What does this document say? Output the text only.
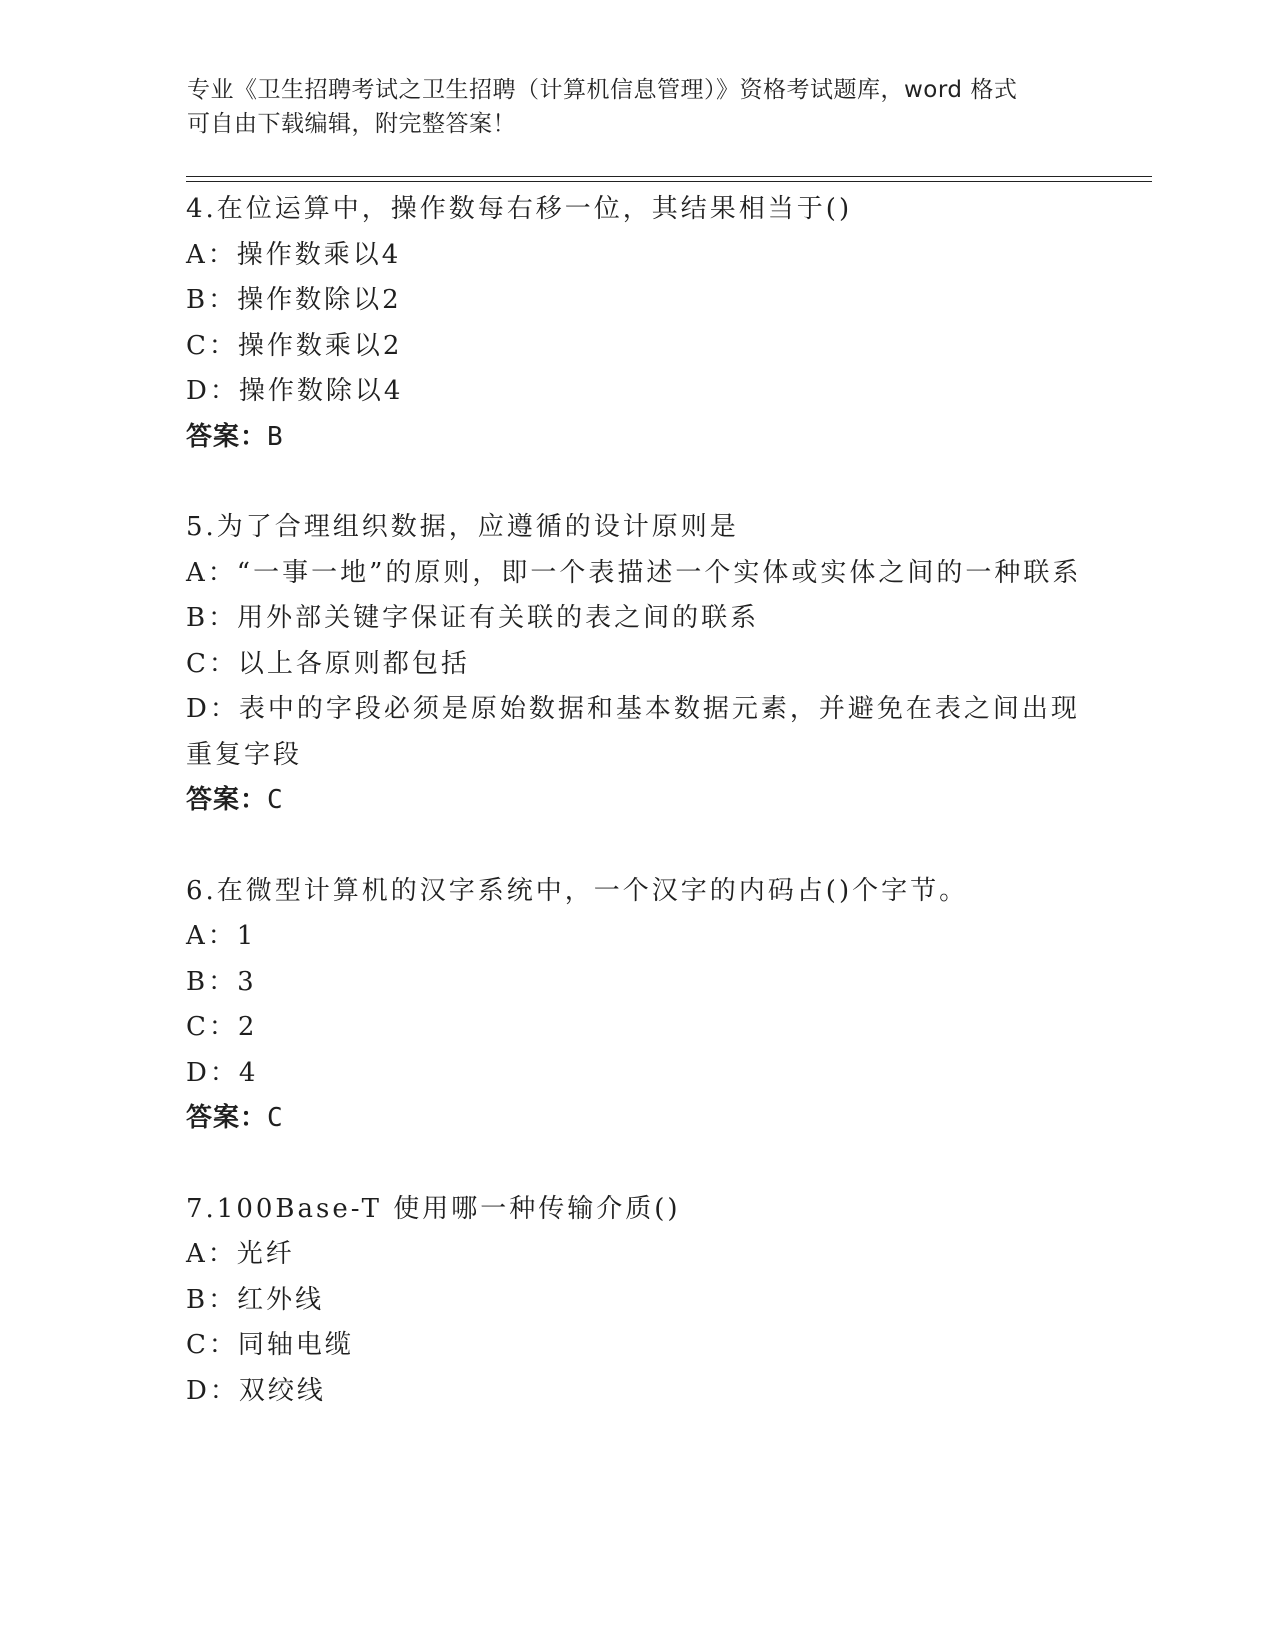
专业《卫生招聘考试之卫生招聘（计算机信息管理）》资格考试题库，word 格式

可自由下载编辑，附完整答案！

4.在位运算中，操作数每右移一位，其结果相当于()

A：操作数乘以4

B：操作数除以2

C：操作数乘以2

D：操作数除以4

答案：B

5.为了合理组织数据，应遵循的设计原则是

A：“一事一地”的原则，即一个表描述一个实体或实体之间的一种联系

B：用外部关键字保证有关联的表之间的联系

C：以上各原则都包括

D：表中的字段必须是原始数据和基本数据元素，并避免在表之间出现重复字段

答案：C

6.在微型计算机的汉字系统中，一个汉字的内码占()个字节。

A：1

B：3

C：2

D：4

答案：C

7.100Base-T 使用哪一种传输介质()

A：光纤

B：红外线

C：同轴电缆

D：双绞线
